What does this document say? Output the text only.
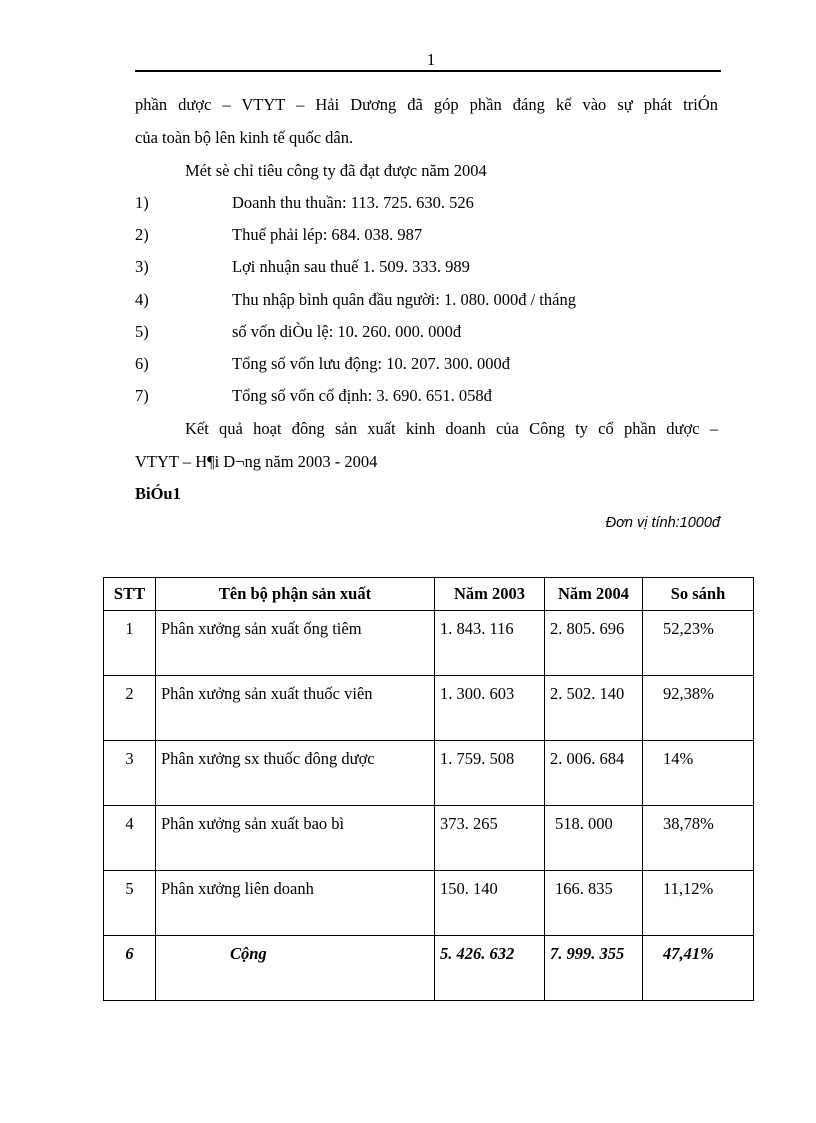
1
phần dược – VTYT – Hải Dương đã góp phần đáng kể vào sự phát triÓn
của toàn bộ lên kinh tế quốc dân.
Mét sè chỉ tiêu công ty đã đạt được năm 2004
1)	Doanh thu thuần: 113. 725. 630. 526
2)	Thuế phải lép: 684. 038. 987
3)	Lợi nhuận sau thuế 1. 509. 333. 989
4)	Thu nhập bình quân đầu người: 1. 080. 000đ / tháng
5)	số vốn diÒu lệ: 10. 260. 000. 000đ
6)	Tổng số vốn lưu động: 10. 207. 300. 000đ
7)	Tổng số vốn cố định: 3. 690. 651. 058đ
Kết quả hoạt đông sản xuất kinh doanh của Công ty cổ phần dược –
VTYT – H¶i D¬ng năm 2003 - 2004
BiÓu1
Đơn vị tính:1000đ
STT	Tên bộ phận sản xuất	Năm 2003	Năm 2004	So sánh
1	Phân xưởng sản xuất ống tiêm	1. 843. 116	2. 805. 696	52,23%
2	Phân xưởng sản xuất thuốc viên	1. 300. 603	2. 502. 140	92,38%
3	Phân xưởng sx thuốc đông dược	1. 759. 508	2. 006. 684	14%
4	Phân xưởng sản xuất bao bì	373. 265	518. 000	38,78%
5	Phân xưởng liên doanh	150. 140	166. 835	11,12%
6	Cộng	5. 426. 632	7. 999. 355	47,41%
